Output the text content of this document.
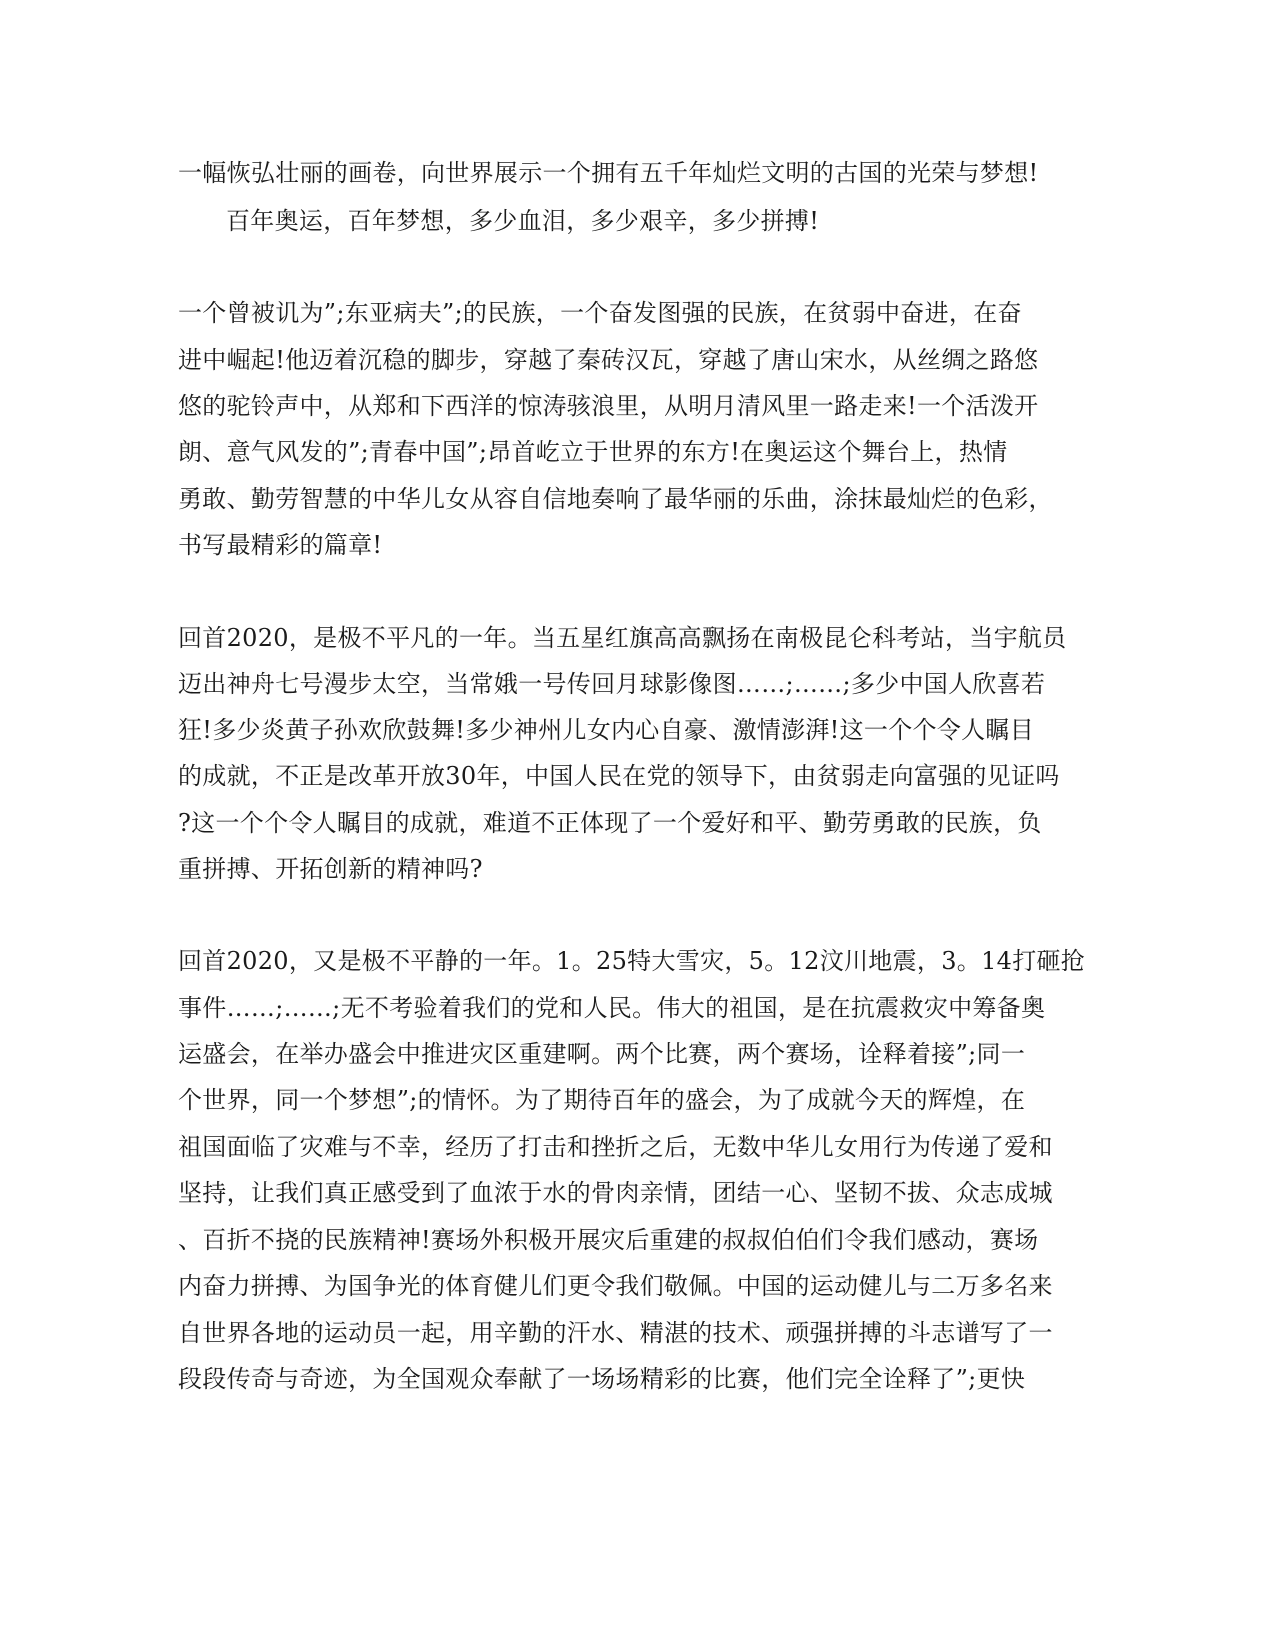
一幅恢弘壮丽的画卷，向世界展示一个拥有五千年灿烂文明的古国的光荣与梦想!

百年奥运，百年梦想，多少血泪，多少艰辛，多少拼搏!

一个曾被讥为”;东亚病夫”;的民族，一个奋发图强的民族，在贫弱中奋进，在奋

进中崛起!他迈着沉稳的脚步，穿越了秦砖汉瓦，穿越了唐山宋水，从丝绸之路悠

悠的驼铃声中，从郑和下西洋的惊涛骇浪里，从明月清风里一路走来!一个活泼开

朗、意气风发的”;青春中国”;昂首屹立于世界的东方!在奥运这个舞台上，热情

勇敢、勤劳智慧的中华儿女从容自信地奏响了最华丽的乐曲，涂抹最灿烂的色彩，

书写最精彩的篇章!

回首2020，是极不平凡的一年。当五星红旗高高飘扬在南极昆仑科考站，当宇航员

迈出神舟七号漫步太空，当常娥一号传回月球影像图……;……;多少中国人欣喜若

狂!多少炎黄子孙欢欣鼓舞!多少神州儿女内心自豪、激情澎湃!这一个个令人瞩目

的成就，不正是改革开放30年，中国人民在党的领导下，由贫弱走向富强的见证吗

?这一个个令人瞩目的成就，难道不正体现了一个爱好和平、勤劳勇敢的民族，负

重拼搏、开拓创新的精神吗?

回首2020，又是极不平静的一年。1。25特大雪灾，5。12汶川地震，3。14打砸抢

事件……;……;无不考验着我们的党和人民。伟大的祖国，是在抗震救灾中筹备奥

运盛会，在举办盛会中推进灾区重建啊。两个比赛，两个赛场，诠释着接”;同一

个世界，同一个梦想”;的情怀。为了期待百年的盛会，为了成就今天的辉煌，在

祖国面临了灾难与不幸，经历了打击和挫折之后，无数中华儿女用行为传递了爱和

坚持，让我们真正感受到了血浓于水的骨肉亲情，团结一心、坚韧不拔、众志成城

、百折不挠的民族精神!赛场外积极开展灾后重建的叔叔伯伯们令我们感动，赛场

内奋力拼搏、为国争光的体育健儿们更令我们敬佩。中国的运动健儿与二万多名来

自世界各地的运动员一起，用辛勤的汗水、精湛的技术、顽强拼搏的斗志谱写了一

段段传奇与奇迹，为全国观众奉献了一场场精彩的比赛，他们完全诠释了”;更快
